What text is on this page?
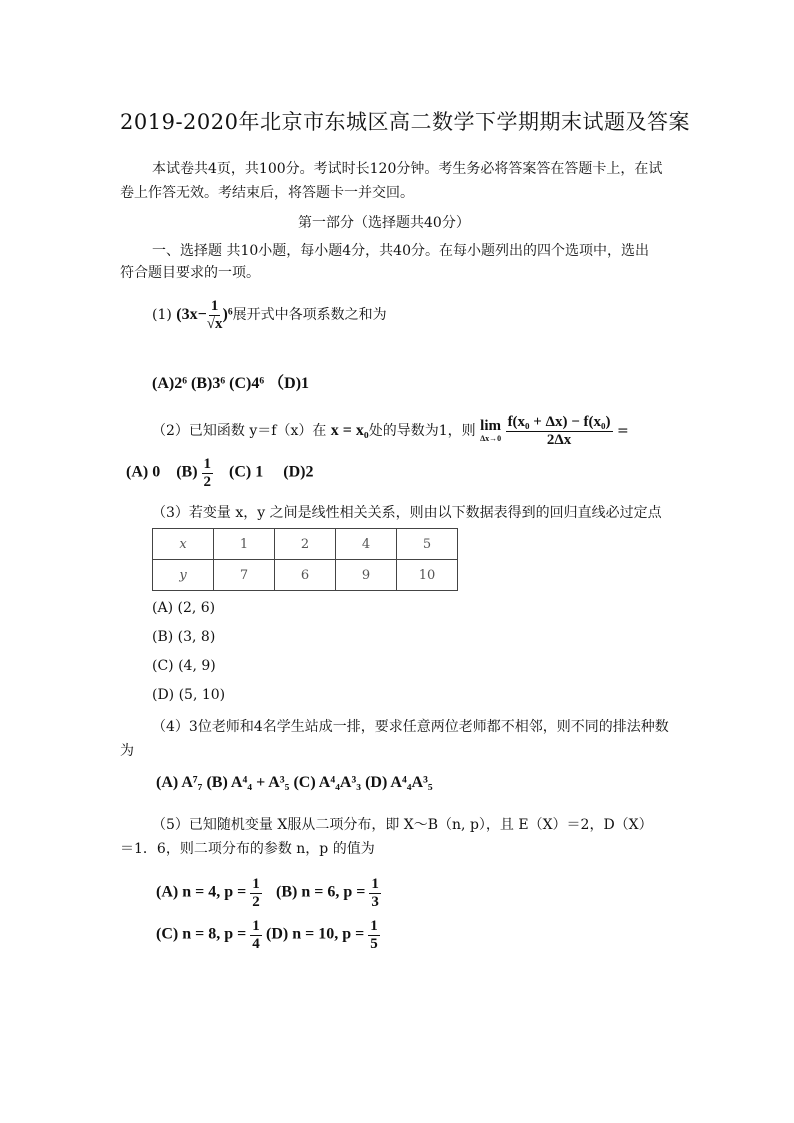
2019-2020年北京市东城区高二数学下学期期末试题及答案
本试卷共4页，共100分。考试时长120分钟。考生务必将答案答在答题卡上，在试
卷上作答无效。考结束后，将答题卡一并交回。
第一部分（选择题共40分）
一、选择题 共10小题，每小题4分，共40分。在每小题列出的四个选项中，选出
符合题目要求的一项。
(1) $(3x- \frac{1}{√x} )^6$展开式中各项系数之和为
(A)2⁶ (B)3⁶ (C)4⁶ （D)1
（2）已知函数 y＝f（x）在 x = x₀处的导数为1，则 lim
Δx→0
$\frac{\text{f(x₀ + Δx) − f(x₀)}}{2\Delta x}$ =
(A) 0 $(B) \frac{1}{2} (C)$ 1 (D)2
（3）若变量 x，y 之间是线性相关关系，则由以下数据表得到的回归直线必过定点
x	1	2	4	5
y	7	6	9	10
(A) (2, 6)
(B) (3, 8)
(C) (4, 9)
(D) (5, 10)
（4）3位老师和4名学生站成一排，要求任意两位老师都不相邻，则不同的排法种数
为
(A) A⁷₇ (B) A⁴₄ + A³₅ (C) A⁴₄A³₃ (D) A⁴₄A³₅
（5）已知随机变量 X服从二项分布，即 X～B（n, p），且 E（X）＝2，D（X）
＝1．6，则二项分布的参数 n，p 的值为
(A) n = 4, $p = \frac{1}{2} (B) n = 6$, $p = \frac{1}{3}$
(C) n = 8, $p = \frac{1}{4} (D) n = 10$, $p = \frac{1}{5}$
